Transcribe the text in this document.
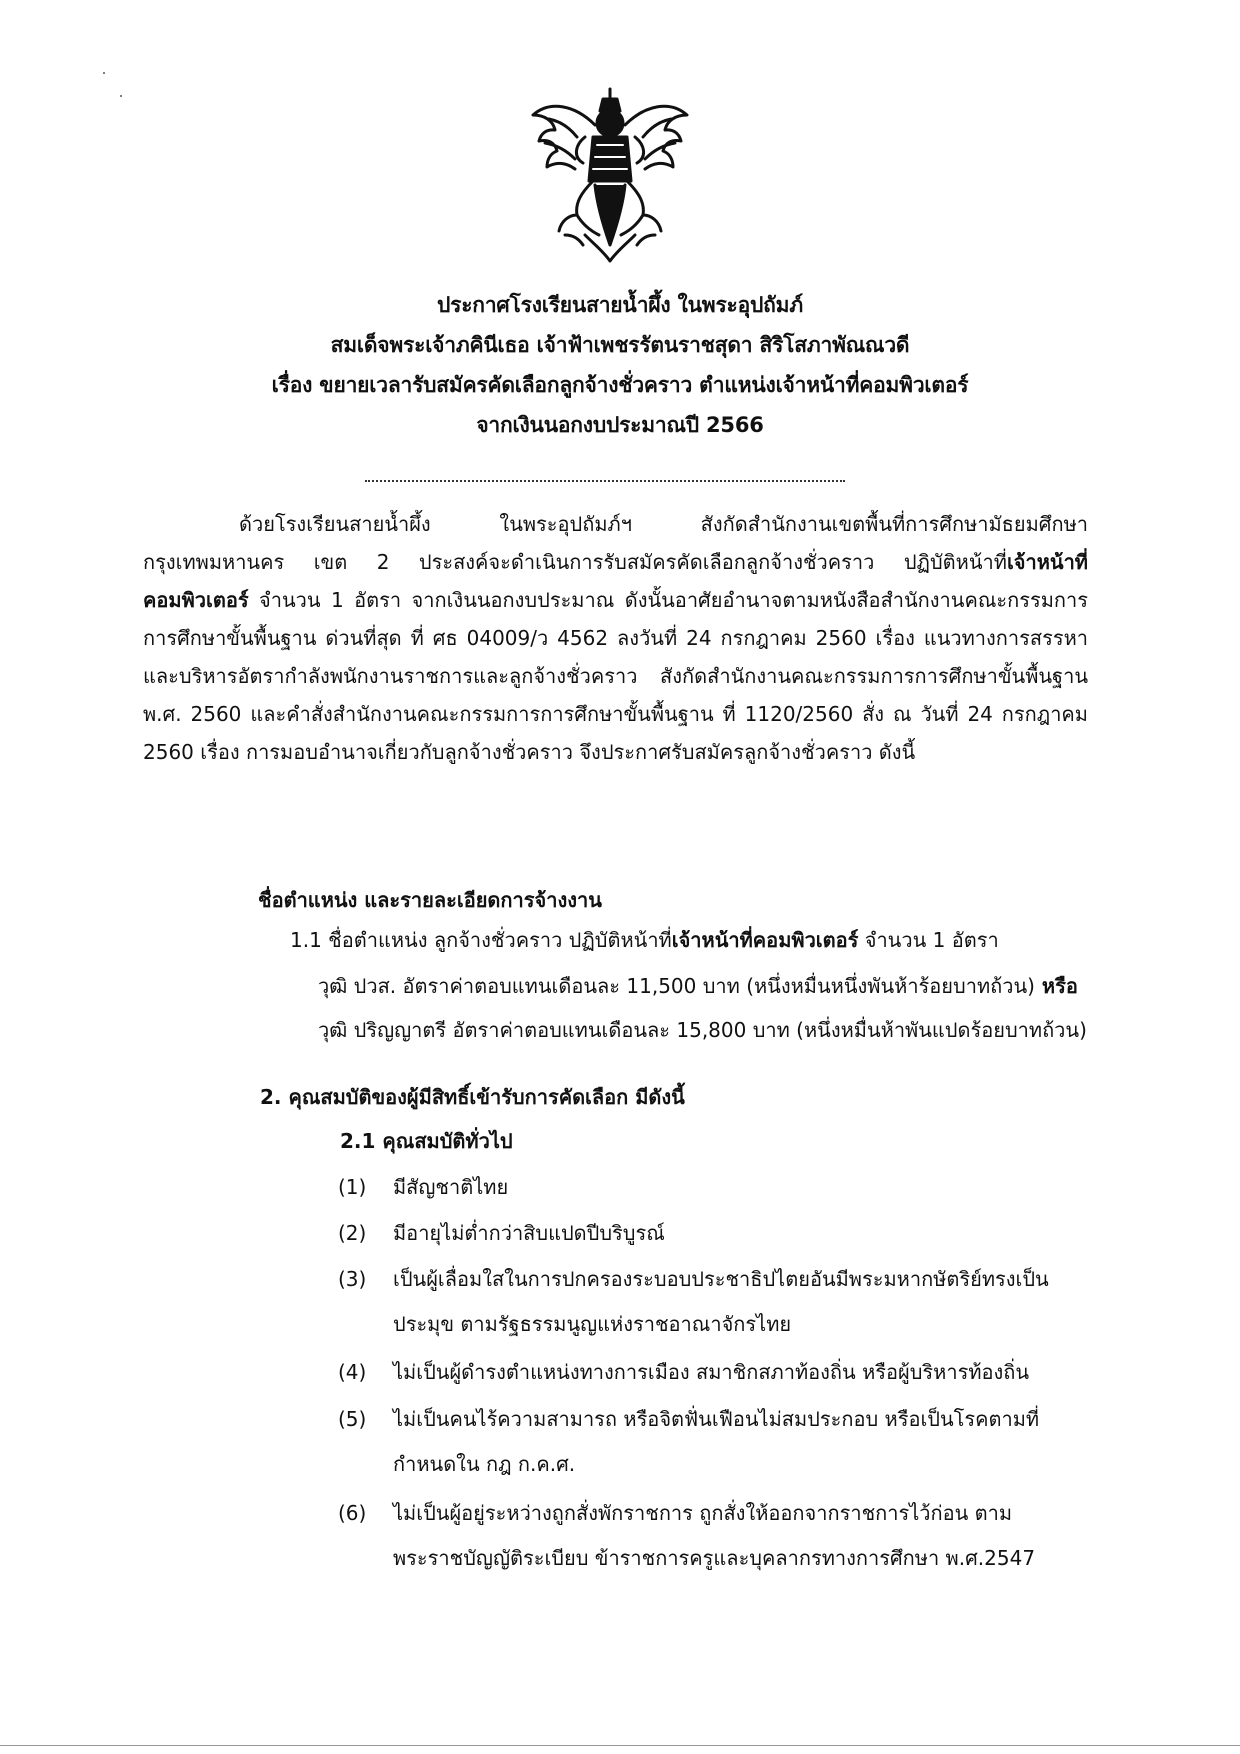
ประกาศโรงเรียนสายน้ำผึ้ง ในพระอุปถัมภ์
สมเด็จพระเจ้าภคินีเธอ เจ้าฟ้าเพชรรัตนราชสุดา สิริโสภาพัณณวดี
เรื่อง ขยายเวลารับสมัครคัดเลือกลูกจ้างชั่วคราว ตำแหน่งเจ้าหน้าที่คอมพิวเตอร์
จากเงินนอกงบประมาณปี 2566
ด้วยโรงเรียนสายน้ำผึ้ง ในพระอุปถัมภ์ฯ สังกัดสำนักงานเขตพื้นที่การศึกษามัธยมศึกษากรุงเทพมหานคร เขต 2 ประสงค์จะดำเนินการรับสมัครคัดเลือกลูกจ้างชั่วคราว ปฏิบัติหน้าที่เจ้าหน้าที่คอมพิวเตอร์ จำนวน 1 อัตรา จากเงินนอกงบประมาณ ดังนั้นอาศัยอำนาจตามหนังสือสำนักงานคณะกรรมการการศึกษาขั้นพื้นฐาน ด่วนที่สุด ที่ ศธ 04009/ว 4562 ลงวันที่ 24 กรกฎาคม 2560 เรื่อง แนวทางการสรรหาและบริหารอัตรากำลังพนักงานราชการและลูกจ้างชั่วคราว สังกัดสำนักงานคณะกรรมการการศึกษาขั้นพื้นฐาน พ.ศ. 2560 และคำสั่งสำนักงานคณะกรรมการการศึกษาขั้นพื้นฐาน ที่ 1120/2560 สั่ง ณ วันที่ 24 กรกฎาคม 2560 เรื่อง การมอบอำนาจเกี่ยวกับลูกจ้างชั่วคราว จึงประกาศรับสมัครลูกจ้างชั่วคราว ดังนี้
ชื่อตำแหน่ง และรายละเอียดการจ้างงาน
1.1 ชื่อตำแหน่ง ลูกจ้างชั่วคราว ปฏิบัติหน้าที่เจ้าหน้าที่คอมพิวเตอร์ จำนวน 1 อัตรา
วุฒิ ปวส. อัตราค่าตอบแทนเดือนละ 11,500 บาท (หนึ่งหมื่นหนึ่งพันห้าร้อยบาทถ้วน) หรือ
วุฒิ ปริญญาตรี อัตราค่าตอบแทนเดือนละ 15,800 บาท (หนึ่งหมื่นห้าพันแปดร้อยบาทถ้วน)
2. คุณสมบัติของผู้มีสิทธิ์เข้ารับการคัดเลือก มีดังนี้
2.1 คุณสมบัติทั่วไป
(1) มีสัญชาติไทย
(2) มีอายุไม่ต่ำกว่าสิบแปดปีบริบูรณ์
(3) เป็นผู้เลื่อมใสในการปกครองระบอบประชาธิปไตยอันมีพระมหากษัตริย์ทรงเป็น
ประมุข ตามรัฐธรรมนูญแห่งราชอาณาจักรไทย
(4) ไม่เป็นผู้ดำรงตำแหน่งทางการเมือง สมาชิกสภาท้องถิ่น หรือผู้บริหารท้องถิ่น
(5) ไม่เป็นคนไร้ความสามารถ หรือจิตฟั่นเฟือนไม่สมประกอบ หรือเป็นโรคตามที่
กำหนดใน กฎ ก.ค.ศ.
(6) ไม่เป็นผู้อยู่ระหว่างถูกสั่งพักราชการ ถูกสั่งให้ออกจากราชการไว้ก่อน ตาม
พระราชบัญญัติระเบียบ ข้าราชการครูและบุคลากรทางการศึกษา พ.ศ.2547
